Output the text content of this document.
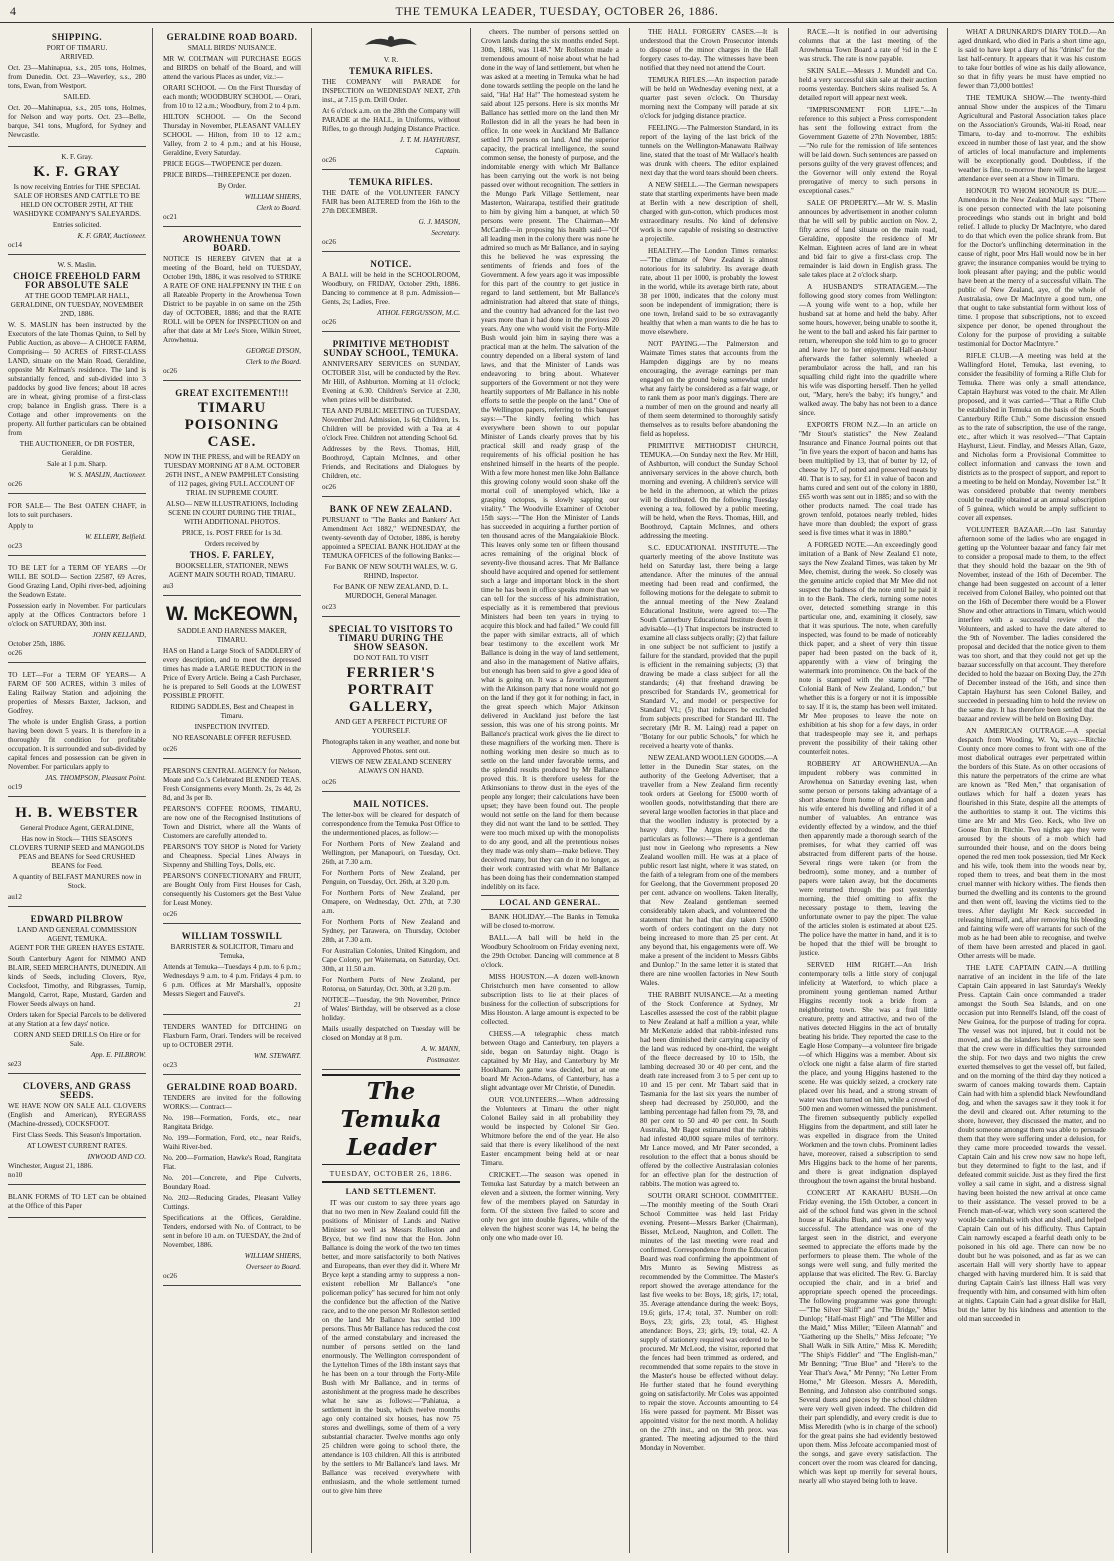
4	THE TEMUKA LEADER, TUESDAY, OCTOBER 26, 1886.
SHIPPING.
PORT OF TIMARU.
ARRIVED.

Oct. 23—Mahinapua, s.s., 205 tons, Holmes, from Dunedin. Oct. 23—Waverley, s.s., 280 tons, Ewan, from Westport.

SAILED.

Oct. 20—Mahinapua, s.s., 205 tons, Holmes, for Nelson and way ports. Oct. 23—Belle, barque, 341 tons, Mugford, for Sydney and Newcastle.

K. F. Gray.
K. F. GRAY

Is now receiving Entries for THE SPECIAL SALE OF HORSES AND CATTLE TO BE HELD ON OCTOBER 29TH, AT THE WASHDYKE COMPANY'S SALEYARDS.

Entries solicited.
K. F. GRAY, Auctioneer.
oc14
W. S. Maslin.
CHOICE FREEHOLD FARM FOR ABSOLUTE SALE

AT THE GOOD TEMPLAR HALL, GERALDINE, ON TUESDAY, NOVEMBER 2ND, 1886.

W. S. MASLIN has been instructed by the Executors of the late Thomas Quinn, to Sell by Public Auction, as above— A CHOICE FARM, Comprising— 50 ACRES of FIRST-CLASS LAND, situate on the Main Road, Geraldine, opposite Mr Kelman's residence. The land is substantially fenced, and sub-divided into 3 paddocks by good live fences; about 18 acres are in wheat, giving promise of a first-class crop; balance in English grass. There is a Cottage and other improvements on the property. All further particulars can be obtained from

THE AUCTIONEER, Or DR FOSTER, Geraldine.

Sale at 1 p.m. Sharp.

W. S. MASLIN, Auctioneer.
oc26

FOR SALE— The Best OATEN CHAFF, in lots to suit purchasers.

Apply to

W. ELLERY, Belfield.
oc23

TO BE LET for a TERM OF YEARS —Or WILL BE SOLD— Section 22587, 69 Acres, Good Grazing Land, Opihi river-bed, adjoining the Seadown Estate.

Possession early in November. For particulars apply at the Offices Contractors before 1 o'clock on SATURDAY, 30th inst.

JOHN KELLAND,
October 25th, 1886.
oc26

TO LET—For a TERM OF YEARS— A FARM OF 500 ACRES, within 3 miles of Ealing Railway Station and adjoining the properties of Messrs Baxter, Jackson, and Godfrey.

The whole is under English Grass, a portion having been down 5 years. It is therefore in a thoroughly fit condition for profitable occupation. It is surrounded and sub-divided by capital fences and possession can be given in November. For particulars apply to

JAS. THOMPSON, Pleasant Point.
oc19
H. B. WEBSTER
General Produce Agent, GERALDINE,

Has now in Stock— THIS SEASON'S CLOVERS TURNIP SEED and MANGOLDS PEAS and BEANS for Seed CRUSHED BEANS for Feed.

A quantity of BELFAST MANURES now in Stock.

au12
EDWARD PILBROW
LAND AND GENERAL COMMISSION AGENT, TEMUKA.
AGENT FOR THE GREEN HAYES ESTATE.

South Canterbury Agent for NIMMO AND BLAIR, SEED MERCHANTS, DUNEDIN. All kinds of Seeds, including Clovers, Rye, Cocksfoot, Timothy, and Ribgrasses, Turnip, Mangold, Carrot, Rape, Mustard, Garden and Flower Seeds always on hand.

Orders taken for Special Parcels to be delivered at any Station at a few days' notice.

CORN AND SEED DRILLS On Hire or for Sale.

App. E. PILBROW.
se23
CLOVERS, AND GRASS SEEDS.

WE HAVE NOW ON SALE ALL CLOVERS (English and American), RYEGRASS (Machine-dressed), COCKSFOOT.

First Class Seeds. This Season's Importation.

AT LOWEST CURRENT RATES.

INWOOD AND CO.
Winchester, August 21, 1886.
no10

BLANK FORMS of TO LET can be obtained at the Office of this Paper

GERALDINE ROAD BOARD.
SMALL BIRDS' NUISANCE.

MR W. COLTMAN will PURCHASE EGGS and BIRDS on behalf of the Board, and will attend the various Places as under, viz.:—

ORARI SCHOOL — On the First Thursday of each month; WOODBURY SCHOOL — Orari, from 10 to 12 a.m.; Woodbury, from 2 to 4 p.m.

HILTON SCHOOL — On the Second Thursday in November, PLEASANT VALLEY SCHOOL — Hilton, from 10 to 12 a.m.; Valley, from 2 to 4 p.m.; and at his House, Geraldine, Every Saturday.

PRICE EGGS—TWOPENCE per dozen.

PRICE BIRDS—THREEPENCE per dozen.

By Order.
WILLIAM SHIERS,
Clerk to Board.
oc21
AROWHENUA TOWN BOARD.

NOTICE IS HEREBY GIVEN that at a meeting of the Board, held on TUESDAY, October 19th, 1886, it was resolved to STRIKE A RATE OF ONE HALFPENNY IN THE £ on all Rateable Property in the Arowhenua Town District to be payable in on same on the 25th day of OCTOBER, 1886; and that the RATE ROLL will be OPEN for INSPECTION on and after that date at Mr Lee's Store, Wilkin Street, Arowhenua.

GEORGE DYSON,
Clerk to the Board.
oc26
GREAT EXCITEMENT!!!
TIMARU POISONING CASE.

NOW IN THE PRESS, and will be READY on TUESDAY MORNING AT 8 A.M. OCTOBER 26TH INST., A NEW PAMPHLET Consisting of 112 pages, giving FULL ACCOUNT OF TRIAL IN SUPREME COURT.

ALSO— NEW ILLUSTRATIONS, Including SCENE IN COURT DURING THE TRIAL, WITH ADDITIONAL PHOTOS.

PRICE, 1s. POST FREE for 1s 3d.

Orders received by

THOS. F. FARLEY,

BOOKSELLER, STATIONER, NEWS AGENT MAIN SOUTH ROAD, TIMARU.

au3
W. McKEOWN,
SADDLE AND HARNESS MAKER, TIMARU.

HAS on Hand a Large Stock of SADDLERY of every description, and to meet the depressed times has made a LARGE REDUCTION in the Price of Every Article. Being a Cash Purchaser, he is prepared to Sell Goods at the LOWEST POSSIBLE PROFIT.

RIDING SADDLES, Best and Cheapest in Timaru.

INSPECTION INVITED.

NO REASONABLE OFFER REFUSED.

oc26

PEARSON'S CENTRAL AGENCY for Nelson, Moate and Co.'s Celebrated BLENDED TEAS. Fresh Consignments every Month. 2s, 2s 4d, 2s 8d, and 3s per lb.

PEARSON'S COFFEE ROOMS, TIMARU, are now one of the Recognised Institutions of Town and District, where all the Wants of Customers are carefully attended to.

PEARSON'S TOY SHOP is Noted for Variety and Cheapness. Special Lines Always in Sixpenny and Shilling Toys, Dolls, etc.

PEARSON'S CONFECTIONARY and FRUIT, are Bought Only from First Houses for Cash, consequently his Customers get the Best Value for Least Money.

oc26
WILLIAM TOSSWILL
BARRISTER & SOLICITOR, Timaru and Temuka,

Attends at Temuka—Tuesdays 4 p.m. to 6 p.m.; Wednesdays 9 a.m. to 4 p.m. Fridays 4 p.m. to 6 p.m. Offices at Mr Marshall's, opposite Messrs Siegert and Fauvel's.

21

TENDERS WANTED for DITCHING on Flaxburn Farm, Orari. Tenders will be received up to OCTOBER 29TH.

WM. STEWART.
oc23
GERALDINE ROAD BOARD.

TENDERS are invited for the following WORKS:— Contract—

No. 198—Formation, Fords, etc., near Rangitata Bridge.

No. 199—Formation, Ford, etc., near Reid's, Waihi River-bed.

No. 200—Formation, Hawke's Road, Rangitata Flat.

No. 201—Concrete, and Pipe Culverts, Boundary Road.

No. 202—Reducing Grades, Pleasant Valley Cuttings.

Specifications at the Offices, Geraldine. Tenders, endorsed with No. of Contract, to be sent in before 10 a.m. on TUESDAY, the 2nd of November, 1886.

WILLIAM SHIERS,
Overseer to Board.
oc26
V. R.
TEMUKA RIFLES.

THE COMPANY will PARADE for INSPECTION on WEDNESDAY NEXT, 27th inst., at 7.15 p.m. Drill Order.

At 6 o'clock a.m. on the 28th the Company will PARADE at the HALL, in Uniforms, without Rifles, to go through Judging Distance Practice.

J. T. M. HAYHURST,
Captain.
oc26
TEMUKA RIFLES.

THE DATE of the VOLUNTEER FANCY FAIR has been ALTERED from the 16th to the 27th DECEMBER.

G. J. MASON,
Secretary.
oc26
NOTICE.

A BALL will be held in the SCHOOLROOM, Woodbury, on FRIDAY, October 29th, 1886. Dancing to commence at 8 p.m. Admission—Gents, 2s; Ladies, Free.

ATHOL FERGUSSON, M.C.
oc26
PRIMITIVE METHODIST SUNDAY SCHOOL, TEMUKA.

ANNIVERSARY SERVICES on SUNDAY, OCTOBER 31st, will be conducted by the Rev. Mr Hill, of Ashburton. Morning at 11 o'clock; Evening at 6.30. Children's Service at 2.30, when prizes will be distributed.

TEA AND PUBLIC MEETING on TUESDAY, November 2nd. Admission, 1s 6d; Children, 1s. Children will be provided with a Tea at 4 o'clock Free. Children not attending School 6d.

Addresses by the Revs. Thomas, Hill, Boothroyd, Captain McInnes, and other Friends, and Recitations and Dialogues by Children, etc.

oc26
BANK OF NEW ZEALAND.

PURSUANT to "The Banks and Bankers' Act Amendment Act 1882," WEDNESDAY, the twenty-seventh day of October, 1886, is hereby appointed a SPECIAL BANK HOLIDAY at the TEMUKA OFFICES of the following Banks:—

For BANK OF NEW SOUTH WALES, W. G. RHIND, Inspector.

For BANK OF NEW ZEALAND, D. L. MURDOCH, General Manager.

oc23
SPECIAL TO VISITORS TO TIMARU DURING THE SHOW SEASON.

DO NOT FAIL TO VISIT

FERRIER'S PORTRAIT GALLERY,

AND GET A PERFECT PICTURE OF YOURSELF.

Photographs taken in any weather, and none but Approved Photos. sent out.

VIEWS OF NEW ZEALAND SCENERY ALWAYS ON HAND.

oc26
MAIL NOTICES.

The letter-box will be cleared for despatch of correspondence from the Temuka Post Office to the undermentioned places, as follow:—

For Northern Ports of New Zealand and Wellington, per Manapouri, on Tuesday, Oct. 26th, at 7.30 a.m.

For Northern Ports of New Zealand, per Penguin, on Tuesday, Oct. 26th, at 3.20 p.m.

For Northern Ports of New Zealand, per Omapere, on Wednesday, Oct. 27th, at 7.30 a.m.

For Northern Ports of New Zealand and Sydney, per Tarawera, on Thursday, October 28th, at 7.30 a.m.

For Australian Colonies, United Kingdom, and Cape Colony, per Waitemata, on Saturday, Oct. 30th, at 11.50 a.m.

For Northern Ports of New Zealand, per Rotorua, on Saturday, Oct. 30th, at 3.20 p.m.

NOTICE—Tuesday, the 9th November, Prince of Wales' Birthday, will be observed as a close holiday.

Mails usually despatched on Tuesday will be closed on Monday at 8 p.m.

A. W. MANN,
Postmaster.
The Temuka Leader
TUESDAY, OCTOBER 26, 1886.
LAND SETTLEMENT.

IT was our custom to say three years ago that no two men in New Zealand could fill the positions of Minister of Lands and Native Minister so well as Messrs Rolleston and Bryce, but we find now that the Hon. John Ballance is doing the work of the two ten times better, and more satisfactorily to both Natives and Europeans, than ever they did it. Where Mr Bryce kept a standing army to suppress a non-existent rebellion Mr Ballance's "one policeman policy" has secured for him not only the confidence but the affection of the Native race, and to the one person Mr Rolleston settled on the land Mr Ballance has settled 100 persons. Thus Mr Ballance has reduced the cost of the armed constabulary and increased the number of persons settled on the land enormously. The Wellington correspondent of the Lyttelton Times of the 18th instant says that he has been on a tour through the Forty-Mile Bush with Mr Ballance, and in terms of astonishment at the progress made he describes what he saw as follows:—"Pahiatua, a settlement in the bush, which twelve months ago only contained six houses, has now 75 stores and dwellings, some of them of a very substantial character. Twelve months ago only 25 children were going to school there, the attendance is 103 children. All this is attributed by the settlers to Mr Ballance's land laws. Mr Ballance was received everywhere with enthusiasm, and the whole settlement turned out to give him three

cheers. The number of persons settled on Crown lands during the six months ended Sept. 30th, 1886, was 1148." Mr Rolleston made a tremendous amount of noise about what he had done in the way of land settlement, but when he was asked at a meeting in Temuka what he had done towards settling the people on the land he said, "Ha! Ha! Ha!" The homestead system he said about 125 persons. Here is six months Mr Ballance has settled more on the land then Mr Rolleston did in all the years he had been in office. In one week in Auckland Mr Ballance settled 170 persons on land. And the superior capacity, the practical intelligence, the sound common sense, the honesty of purpose, and the indomitable energy with which Mr Ballance has been carrying out the work is not being passed over without recognition. The settlers in the Mungo Park Village Settlement, near Masterton, Wairarapa, testified their gratitude to him by giving him a banquet, at which 50 persons were present. The Chairman—Mr McCardle—in proposing his health said—"Of all leading men in the colony there was none he admired so much as Mr Ballance, and in saying this he believed he was expressing the sentiments of friends and foes of the Government. A few years ago it was impossible for this part of the country to get justice in regard to land settlement, but Mr Ballance's administration had altered that state of things, and the country had advanced for the last two years more than it had done in the previous 20 years. Any one who would visit the Forty-Mile Bush would join him in saying there was a practical man at the helm. The salvation of the country depended on a liberal system of land laws, and that the Minister of Lands was endeavoring to bring about. Whatever supporters of the Government or not they were heartily supporters of Mr Ballance in his noble efforts to settle the people on the land." One of the Wellington papers, referring to this banquet says:—"The kindly feeling which has everywhere been shown to our popular Minister of Lands clearly proves that by his practical skill and ready grasp of the requirements of his official position he has enshrined himself in the hearts of the people. With a few more honest men like John Ballance this growing colony would soon shake off the mortal coil of unemployed which, like a grasping octopus, is slowly sapping our vitality." The Woodville Examiner of October 15th says:—"The Hon the Minister of Lands has succeeded in acquiring a further portion of ten thousand acres of the Mangaiakioie Block. This leaves only some ten or fifteen thousand acres remaining of the original block of seventy-five thousand acres. That Mr Ballance should have acquired and opened for settlement such a large and important block in the short time he has been in office speaks more than we can tell for the success of his administration, especially as it is remembered that previous Ministers had been ten years in trying to acquire this block and had failed." We could fill the paper with similar extracts, all of which bear testimony to the excellent work Mr Ballance is doing in the way of land settlement, and also in the management of Native affairs, but enough has been said to give a good idea of what is going on. It was a favorite argument with the Atkinson party that none would not go on the land if they got it for nothing; in fact, in the great speech which Major Atkinson delivered in Auckland just before the last session, this was one of his strong points. Mr Ballance's practical work gives the lie direct to these magnifiers of the working men. There is nothing working men desire so much as to settle on the land under favorable terms, and the splendid results produced by Mr Ballance proved this. It is therefore useless for the Atkinsonians to throw dust in the eyes of the people any longer; their calculations have been upset; they have been found out. The people would not settle on the land for them because they did not want the land to be settled. They were too much mixed up with the monopolists to do any good, and all the pretentious noises they made was only sham—make believe. They deceived many, but they can do it no longer, as their work contrasted with what Mr Ballance has been doing has their condemnation stamped indelibly on its face.

LOCAL AND GENERAL.

BANK HOLIDAY.—The Banks in Temuka will be closed to-morrow.

BALL.—A ball will be held in the Woodbury Schoolroom on Friday evening next, the 29th October. Dancing will commence at 8 o'clock.

MISS HOUSTON.—A dozen well-known Christchurch men have consented to allow subscription lists to lie at their places of business for the collection of subscriptions for Miss Houston. A large amount is expected to be collected.

CHESS.—A telegraphic chess match between Otago and Canterbury, ten players a side, began on Saturday night. Otago is captained by Mr Hay, and Canterbury by Mr Hookham. No game was decided, but at one board Mr Acton-Adams, of Canterbury, has a slight advantage over Mr Christie, of Dunedin.

OUR VOLUNTEERS.—When addressing the Volunteers at Timaru the other night Colonel Bailey said in all probability they would be inspected by Colonel Sir Geo. Whitmore before the end of the year. He also said that there is every likelihood of the next Easter encampment being held at or near Timaru.

CRICKET.—The season was opened in Temuka last Saturday by a match between an eleven and a sixteen, the former winning. Very few of the members played on Saturday in form. Of the sixteen five failed to score and only two got into double figures, while of the eleven the highest scorer was 14, he being the only one who made over 10.

THE HALL FORGERY CASES.—It is understood that the Crown Prosecutor intends to dispose of the minor charges in the Hall forgery cases to-day. The witnesses have been notified that they need not attend the Court.

TEMUKA RIFLES.—An inspection parade will be held on Wednesday evening next, at a quarter past seven o'clock. On Thursday morning next the Company will parade at six o'clock for judging distance practice.

FEELING.—The Palmerston Standard, in its report of the laying of the last brick of the tunnels on the Wellington-Manawatu Railway line, stated that the toast of Mr Wallace's health was drunk with cheers. The editor explained next day that the word tears should been cheers.

A NEW SHELL.—The German newspapers state that startling experiments have been made at Berlin with a new description of shell, charged with gun-cotton, which produces most extraordinary results. No kind of defensive work is now capable of resisting so destructive a projectile.

HEALTHY.—The London Times remarks:—"The climate of New Zealand is almost notorious for its salubrity. Its average death rate, about 11 per 1000, is probably the lowest in the world, while its average birth rate, about 38 per 1000, indicates that the colony must soon be independent of immigration; there is one town, Ireland said to be so extravagantly healthy that when a man wants to die he has to move elsewhere.

NOT PAYING.—The Palmerston and Waimate Times states that accounts from the Hampden diggings are by no means encouraging, the average earnings per man engaged on the ground being somewhat under what any fairly be considered as a fair wage, or to rank them as poor man's diggings. There are a number of men on the ground and nearly all of them seem determined to thoroughly satisfy themselves as to results before abandoning the field as hopeless.

PRIMITIVE METHODIST CHURCH, TEMUKA.—On Sunday next the Rev. Mr Hill, of Ashburton, will conduct the Sunday School anniversary services in the above church, both morning and evening. A children's service will be held in the afternoon, at which the prizes will be distributed. On the following Tuesday evening a tea, followed by a public meeting, will be held, when the Revs. Thomas, Hill, and Boothroyd, Captain McInnes, and others addressing the meeting.

S.C. EDUCATIONAL INSTITUTE.—The quarterly meeting of the above Institute was held on Saturday last, there being a large attendance. After the minutes of the annual meeting had been read and confirmed, the following motions for the delegate to submit to the annual meeting of the New Zealand Educational Institute, were agreed to:—The South Canterbury Educational Institute deem it advisable—(1) That inspectors be instructed to examine all class subjects orally; (2) that failure in one subject be not sufficient to justify a failure for the standard, provided that the pupil is efficient in the remaining subjects; (3) that drawing be made a class subject for all the standards; (4) that freehand drawing be prescribed for Standards IV., geometrical for Standard V., and model or perspective for Standard VI.; (5) that inducers be excluded from subjects prescribed for Standard III. The secretary (Mr R. M. Laing) read a paper on "Botany for our public Schools," for which he received a hearty vote of thanks.

NEW ZEALAND WOOLLEN GOODS.—A letter in the Dunedin Star states, on the authority of the Geelong Advertiser, that a traveller from a New Zealand firm recently took orders at Geelong for £5000 worth of woollen goods, notwithstanding that there are several large woollen factories in that place and that the woollen industry is protected by a heavy duty. The Argus reproduced the particulars as follows:—"There is a gentleman just now in Geelong who represents a New Zealand woollen mill. He was at a place of public resort last night, where it was stated, on the faith of a telegram from one of the members for Geelong, that the Government proposed 20 per cent. advance on woollens. Taken literally, that New Zealand gentleman seemed considerably taken aback, and volunteered the statement that he had that day taken £5000 worth of orders contingent on the duty not being increased to more than 25 per cent. At any beyond that, his engagements were off. We make a present of the incident to Messrs Gibbs and Dunlop." In the same letter it is stated that there are nine woollen factories in New South Wales.

THE RABBIT NUISANCE.—At a meeting of the Stock Conference at Sydney, Mr Lascelles assessed the cost of the rabbit plague to New Zealand at half a million a year, while Mr McKenzie added that rabbit-infested runs had been diminished their carrying capacity of the land was reduced by one-third, the weight of the fleece decreased by 10 to 15lb, the lambing decreased 30 or 40 per cent, and the death rate increased from 3 to 5 per cent up to 10 and 15 per cent. Mr Tabart said that in Tasmania for the last six years the number of sheep had decreased by 250,000, and the lambing percentage had fallen from 79, 78, and 80 per cent to 50 and 40 per cent. In South Australia, Mr Bagot estimated that the rabbits had infested 40,000 square miles of territory. Mr Lance moved, and Mr Pater seconded, a resolution to the effect that a bonus should be offered by the collective Australasian colonies for an effective plan for the destruction of rabbits. The motion was agreed to.

SOUTH ORARI SCHOOL COMMITTEE.—The monthly meeting of the South Orari School Committee was held last Friday evening. Present—Messrs Barker (Chairman), Bisset, McLeod, Naughton, and Collett. The minutes of the last meeting were read and confirmed. Correspondence from the Education Board was read confirming the appointment of Mrs Munro as Sewing Mistress as recommended by the Committee. The Master's report showed the average attendance for the last five weeks to be: Boys, 18; girls, 17; total, 35. Average attendance during the week: Boys, 19.6; girls, 17.4; total, 37. Number on roll: Boys, 23; girls, 23; total, 45. Highest attendance: Boys, 23; girls, 19; total, 42. A supply of stationery required was ordered to be procured. Mr McLeod, the visitor, reported that the fences had been trimmed as ordered, and recommended that some repairs to the stove in the Master's house be effected without delay. He further stated that he found everything going on satisfactorily. Mr Coles was appointed to repair the stove. Accounts amounting to £4 16s were passed for payment. Mr Bisset was appointed visitor for the next month. A holiday on the 27th inst., and on the 9th prox. was granted. The meeting adjourned to the third Monday in November.

RACE.—It is notified in our advertising columns that at the last meeting of the Arowhenua Town Board a rate of ½d in the £ was struck. The rate is now payable.

SKIN SALE.—Messrs J. Mundell and Co. held a very successful skin sale at their auction rooms yesterday. Butchers skins realised 5s. A detailed report will appear next week.

"IMPRISONMENT FOR LIFE."—In reference to this subject a Press correspondent has sent the following extract from the Government Gazette of 27th November, 1885:—"No rule for the remission of life sentences will be laid down. Such sentences are passed on persons guilty of the very gravest offences; and the Governor will only extend the Royal prerogative of mercy to such persons in exceptional cases."

SALE OF PROPERTY.—Mr W. S. Maslin announces by advertisement in another column that he will sell by public auction on Nov. 2, fifty acres of land situate on the main road, Geraldine, opposite the residence of Mr Kelman. Eighteen acres of land are in wheat and bid fair to give a first-class crop. The remainder is laid down in English grass. The sale takes place at 2 o'clock sharp.

A HUSBAND'S STRATAGEM.—The following good story comes from Wellington:—A young wife went to a hop, while her husband sat at home and held the baby. After some hours, however, being unable to soothe it, he went to the ball and asked his fair partner to return, whereupon she told him to go to grocer and leave her to her enjoyment. Half-an-hour afterwards the father solemnly wheeled a perambulator across the hall, and ran his squalling child right into the quadrille where his wife was disporting herself. Then he yelled out, "Mary, here's the baby; it's hungry," and walked away. The baby has not been to a dance since.

EXPORTS FROM N.Z.—In an article on "Mr Stout's statistics" the New Zealand Insurance and Finance Journal points out that "in five years the export of bacon and hams has been multiplied by 13, that of butter by 12, of cheese by 17, of potted and preserved meats by 40. That is to say, for £1 in value of bacon and hams cured and sent out of the colony in 1880, £65 worth was sent out in 1885; and so with the other products named. The coal trade has grown tenfold, potatoes nearly trebled, hides have more than doubled; the export of grass seed is five times what it was in 1880."

A FORGED NOTE.—An exceedingly good imitation of a Bank of New Zealand £1 note, says the New Zealand Times, was taken by Mr Mee, chemist, during the week. So closely was the genuine article copied that Mr Mee did not suspect the badness of the note until he paid it in to the Bank. The clerk, turning some notes over, detected something strange in this particular one, and, examining it closely, saw that it was spurious. The note, when carefully inspected, was found to be made of noticeably thick paper, and a sheet of very thin tissue paper had been pasted on the back of it, apparently with a view of bringing the watermark into prominence. On the back of the note is stamped with the stamp of "The Colonial Bank of New Zealand, London," but whether this is a forgery or not it is impossible to say. If it is, the stamp has been well imitated. Mr Mee proposes to leave the note on exhibition at his shop for a few days, in order that tradespeople may see it, and perhaps prevent the possibility of their taking other counterfeit notes.

ROBBERY AT AROWHENUA.—An impudent robbery was committed in Arowhenua on Saturday evening last, when some person or persons taking advantage of a short absence from home of Mr Longson and his wife entered his dwelling and rifled it of a number of valuables. An entrance was evidently effected by a window, and the thief then apparently made a thorough search of the premises, for what they carried off was abstracted from different parts of the house. Several rings were taken (or from the bedroom), some money, and a number of papers were taken away, but the documents were returned through the post yesterday morning, the thief omitting to affix the necessary postage to them, leaving the unfortunate owner to pay the piper. The value of the articles stolen is estimated at about £25. The police have the matter in hand, and it is to be hoped that the thief will be brought to justice.

SERVED HIM RIGHT.—An Irish contemporary tells a little story of conjugal infelicity at Waterford, to which place a prominent young gentleman named Arthur Higgins recently took a bride from a neighboring town. She was a frail little creature, pretty and attractive, and two of the natives detected Higgins in the act of brutally beating his bride. They reported the case to the Eagle Hose Company—a volunteer fire brigade—of which Higgins was a member. About six o'clock one night a false alarm of fire started the place, and young Higgins hastened to the scene. He was quickly seized, a crockery rate placed over his head, and a strong stream of water was then turned on him, while a crowd of 500 men and women witnessed the punishment. The firemen subsequently publicly expelled Higgins from the department, and still later he was expelled in disgrace from the United Workmen and the town clubs. Prominent ladies have, moreover, raised a subscription to send Mrs Higgins back to the home of her parents, and there is great indignation displayed throughout the town against the brutal husband.

CONCERT AT KAKAHU BUSH.—On Friday evening, the 15th October, a concert in aid of the school fund was given in the school house at Kakahu Bush, and was in every way successful. The attendance was one of the largest seen in the district, and everyone seemed to appreciate the efforts made by the performers to please them. The whole of the songs were well sung, and fully merited the applause that was elicited. The Rev. G. Barclay occupied the chair, and in a brief and appropriate speech opened the proceedings. The following programme was gone through:—"The Silver Skiff" and "The Bridge," Miss Dunlop; "Half-mast High" and "The Miller and the Maid," Miss Miller; "Eileen Alannah" and "Gathering up the Shells," Miss Jefcoate; "Ye Shall Walk in Silk Attire," Miss K. Meredith; "The Ship's Fiddler" and "The English-man," Mr Benning; "True Blue" and "Here's to the Year That's Awa," Mr Penny; "No Letter From Home," Mr Gleeson. Messrs A. Meredith, Benning, and Johnston also contributed songs. Several duets and pieces by the school children were very well given indeed. The children did their part splendidly, and every credit is due to Miss Meredith (who is in charge of the school) for the great pains she had evidently bestowed upon them. Miss Jefcoate accompanied most of the songs, and gave every satisfaction. The concert over the room was cleared for dancing, which was kept up merrily for several hours, nearly all who stayed being loth to leave.

WHAT A DRUNKARD'S DIARY TOLD.—An aged drunkard, who died in Paris a short time ago, is said to have kept a diary of his "drinks" for the last half-century. It appears that it was his custom to take four bottles of wine as his daily allowance, so that in fifty years he must have emptied no fewer than 73,000 bottles!

THE TEMUKA SHOW.—The twenty-third annual Show under the auspices of the Timaru Agricultural and Pastoral Association takes place on the Association's Grounds, Wai-iti Road, near Timaru, to-day and to-morrow. The exhibits exceed in number those of last year, and the show of articles of local manufacture and implements will be exceptionally good. Doubtless, if the weather is fine, to-morrow there will be the largest attendance ever seen at a Show in Timaru.

HONOUR TO WHOM HONOUR IS DUE.—Amendeus in the New Zealand Mail says: "There is one person connected with the late poisoning proceedings who stands out in bright and bold relief. I allude to plucky Dr MacIntyre, who dared to do that which even the police shrank from. But for the Doctor's unflinching determination in the cause of right, poor Mrs Hall would now be in her grave; the insurance companies would be trying to look pleasant after paying; and the public would have been at the mercy of a successful villain. The public of New Zealand, aye, of the whole of Australasia, owe Dr MacIntyre a good turn, one that ought to take substantial form without loss of time. I propose that subscriptions, not to exceed sixpence per donor, be opened throughout the Colony for the purpose of providing a suitable testimonial for Doctor MacIntyre."

RIFLE CLUB.—A meeting was held at the Wallingford Hotel, Temuka, last evening, to consider the feasibility of forming a Rifle Club for Temuka. There was only a small attendance, Captain Hayhurst was voted to the chair. Mr Allen proposed, and it was carried—"That a Rifle Club be established in Temuka on the basis of the South Canterbury Rifle Club." Some discussion ensued as to the rate of subscription, the use of the range, etc., after which it was resolved—"That Captain Hayhurst, Lieut. Findlay, and Messrs Allan, Gaze, and Nicholas form a Provisional Committee to collect information and canvass the town and districts as to the prospect of support, and report to a meeting to be held on Monday, November 1st." It was considered probable that twenty members could be readily obtained at an annual subscription of 5 guinea, which would be amply sufficient to cover all expenses.

VOLUNTEER BAZAAR.—On last Saturday afternoon some of the ladies who are engaged in getting up the Volunteer bazaar and fancy fair met to consider a proposal made to them, to the effect that they should hold the bazaar on the 9th of November, instead of the 16th of December. The change had been suggested on account of a letter received from Colonel Bailey, who pointed out that on the 16th of December there would be a Flower Show and other attractions in Timaru, which would interfere with a successful review of the Volunteers, and asked to have the date altered to the 9th of November. The ladies considered the proposal and decided that the notice given to them was too short, and that they could not get up the bazaar successfully on that account. They therefore decided to hold the bazaar on Boxing Day, the 27th of December instead of the 16th, and since then Captain Hayhurst has seen Colonel Bailey, and succeeded in persuading him to hold the review on the same day. It has therefore been settled that the bazaar and review will be held on Boxing Day.

AN AMERICAN OUTRAGE.—A special despatch from Wooding, W. Va, says:—Ritchie County once more comes to front with one of the most diabolical outrages ever perpetrated within the borders of this State. As on other occasions of this nature the perpetrators of the crime are what are known as "Red Men," that organisation of outlaws which for half a dozen years has flourished in this State, despite all the attempts of the authorities to stamp it out. The victims this time are Mr and Mrs Geo. Keck, who live on Goose Run in Ritchie. Two nights ago they were aroused by the shouts of a mob which had surrounded their house, and on the doors being opened the red men took possession, tied Mr Keck and his wife, took them into the woods near by, roped them to trees, and beat them in the most cruel manner with hickory withes. The fiends then burned the dwelling and its contents to the ground and then went off, leaving the victims tied to the trees. After daylight Mr Keck succeeded in releasing himself, and, after removing his bleeding and fainting wife were off warrants for such of the mob as he had been able to recognise, and twelve of them have been arrested and placed in gaol. Other arrests will be made.

THE LATE CAPTAIN CAIN.—A thrilling narrative of an incident in the life of the late Captain Cain appeared in last Saturday's Weekly Press. Captain Cain once commanded a trader amongst the South Sea Islands, and on one occasion put into Rennell's Island, off the coast of New Guinea, for the purpose of trading for copra. The vessel was not injured, but it could not be moved, and as the islanders had by that time seen that the crew were in difficulties they surrounded the ship. For two days and two nights the crew exerted themselves to get the vessel off, but failed, and on the morning of the third day they noticed a swarm of canoes making towards them. Captain Cain had with him a splendid black Newfoundland dog, and when the savages saw it they took it for the devil and cleared out. After returning to the shore, however, they discussed the matter, and no doubt someone amongst them was able to persuade them that they were suffering under a delusion, for they came more proceeded towards the vessel. Captain Cain and his crew now saw no hope left, but they determined to fight to the last, and if defeated commit suicide. Just as they fired the first volley a sail came in sight, and a distress signal having been hoisted the new arrival at once came to their assistance. The vessel proved to be a French man-of-war, which very soon scattered the would-be cannibals with shot and shell, and helped Captain Cain out of his difficulty. Thus Captain Cain narrowly escaped a fearful death only to be poisoned in his old age. There can now be no doubt but he was poisoned, and as far as we can ascertain Hall will very shortly have to appear charged with having murdered him. It is said that during Captain Cain's last illness Hall was very frequently with him, and consumed with him often at nights. Captain Cain had a great dislike for Hall, but the latter by his kindness and attention to the old man succeeded in
